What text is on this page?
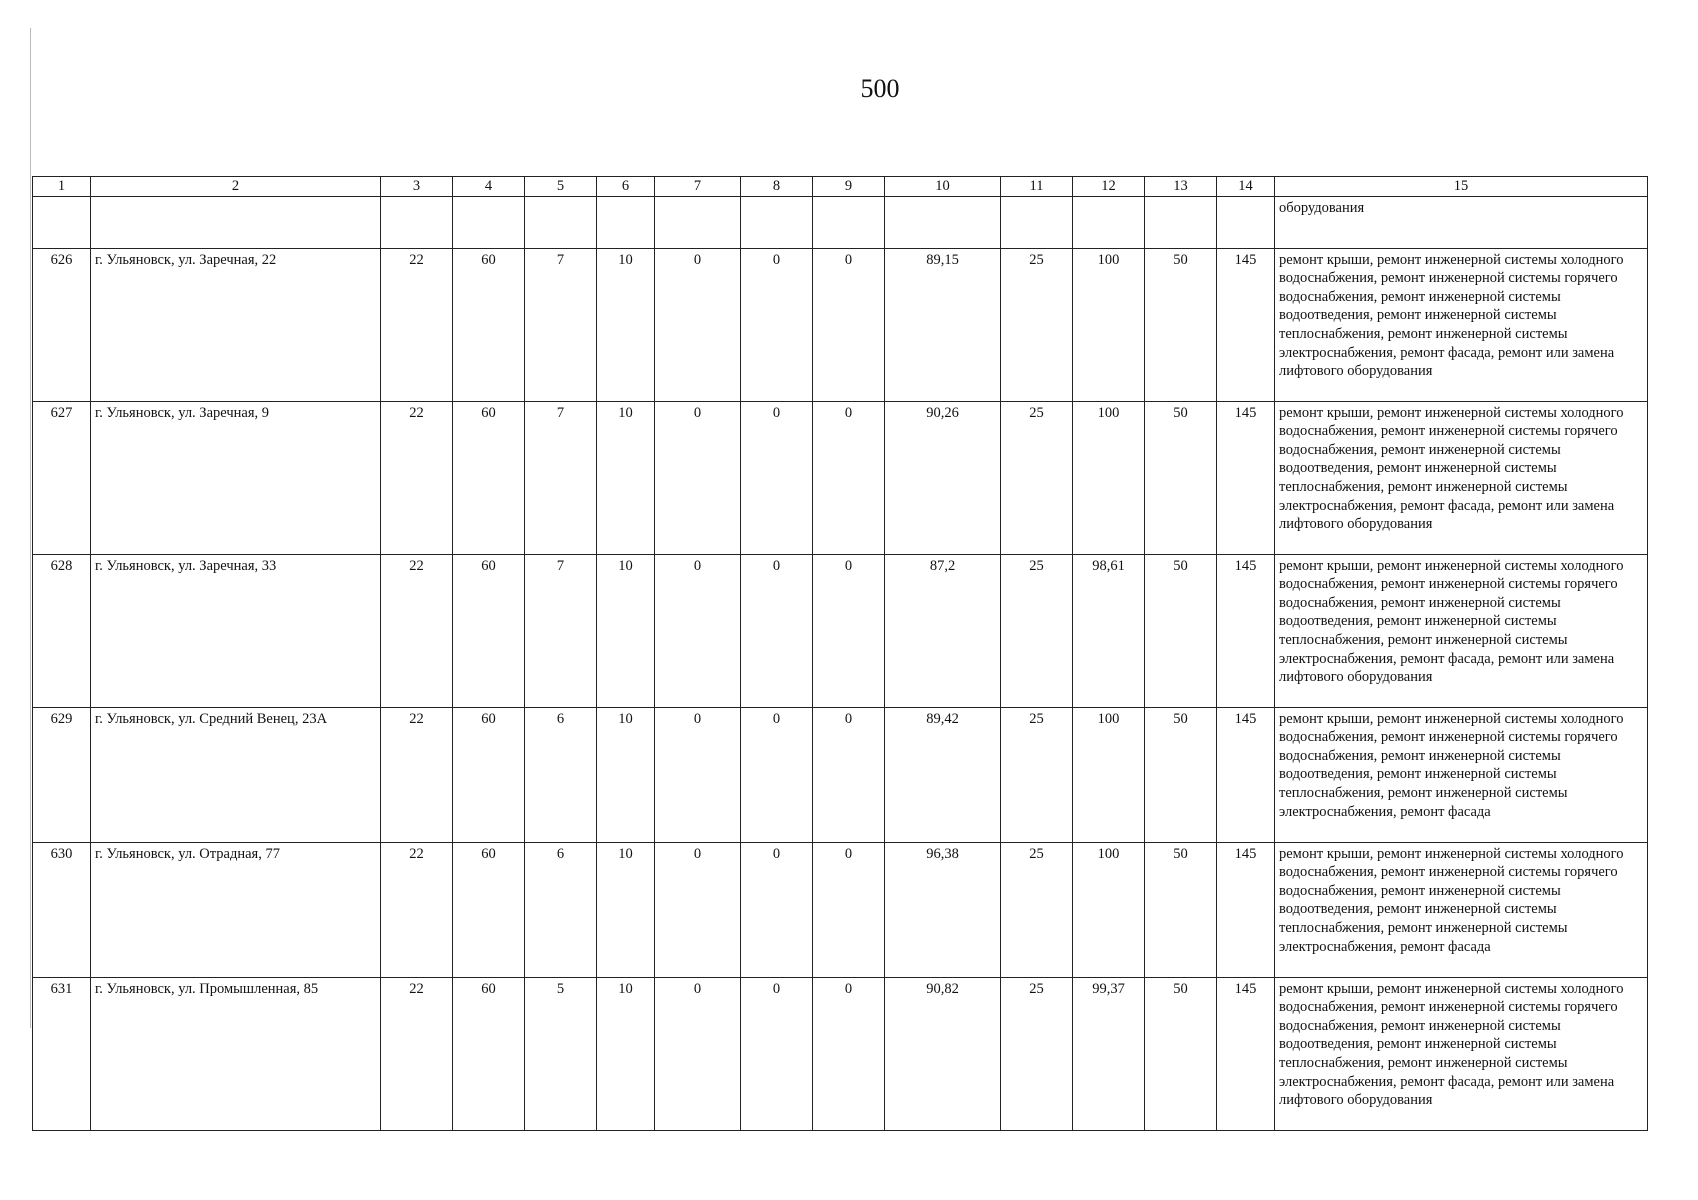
500
1	2	3	4	5	6	7	8	9	10	11	12	13	14	15
														оборудования
626	г. Ульяновск, ул. Заречная, 22	22	60	7	10	0	0	0	89,15	25	100	50	145	ремонт крыши, ремонт инженерной системы холодного водоснабжения, ремонт инженерной системы горячего водоснабжения, ремонт инженерной системы водоотведения, ремонт инженерной системы теплоснабжения, ремонт инженерной системы электроснабжения, ремонт фасада, ремонт или замена лифтового оборудования
627	г. Ульяновск, ул. Заречная, 9	22	60	7	10	0	0	0	90,26	25	100	50	145	ремонт крыши, ремонт инженерной системы холодного водоснабжения, ремонт инженерной системы горячего водоснабжения, ремонт инженерной системы водоотведения, ремонт инженерной системы теплоснабжения, ремонт инженерной системы электроснабжения, ремонт фасада, ремонт или замена лифтового оборудования
628	г. Ульяновск, ул. Заречная, 33	22	60	7	10	0	0	0	87,2	25	98,61	50	145	ремонт крыши, ремонт инженерной системы холодного водоснабжения, ремонт инженерной системы горячего водоснабжения, ремонт инженерной системы водоотведения, ремонт инженерной системы теплоснабжения, ремонт инженерной системы электроснабжения, ремонт фасада, ремонт или замена лифтового оборудования
629	г. Ульяновск, ул. Средний Венец, 23А	22	60	6	10	0	0	0	89,42	25	100	50	145	ремонт крыши, ремонт инженерной системы холодного водоснабжения, ремонт инженерной системы горячего водоснабжения, ремонт инженерной системы водоотведения, ремонт инженерной системы теплоснабжения, ремонт инженерной системы электроснабжения, ремонт фасада
630	г. Ульяновск, ул. Отрадная, 77	22	60	6	10	0	0	0	96,38	25	100	50	145	ремонт крыши, ремонт инженерной системы холодного водоснабжения, ремонт инженерной системы горячего водоснабжения, ремонт инженерной системы водоотведения, ремонт инженерной системы теплоснабжения, ремонт инженерной системы электроснабжения, ремонт фасада
631	г. Ульяновск, ул. Промышленная, 85	22	60	5	10	0	0	0	90,82	25	99,37	50	145	ремонт крыши, ремонт инженерной системы холодного водоснабжения, ремонт инженерной системы горячего водоснабжения, ремонт инженерной системы водоотведения, ремонт инженерной системы теплоснабжения, ремонт инженерной системы электроснабжения, ремонт фасада, ремонт или замена лифтового оборудования
